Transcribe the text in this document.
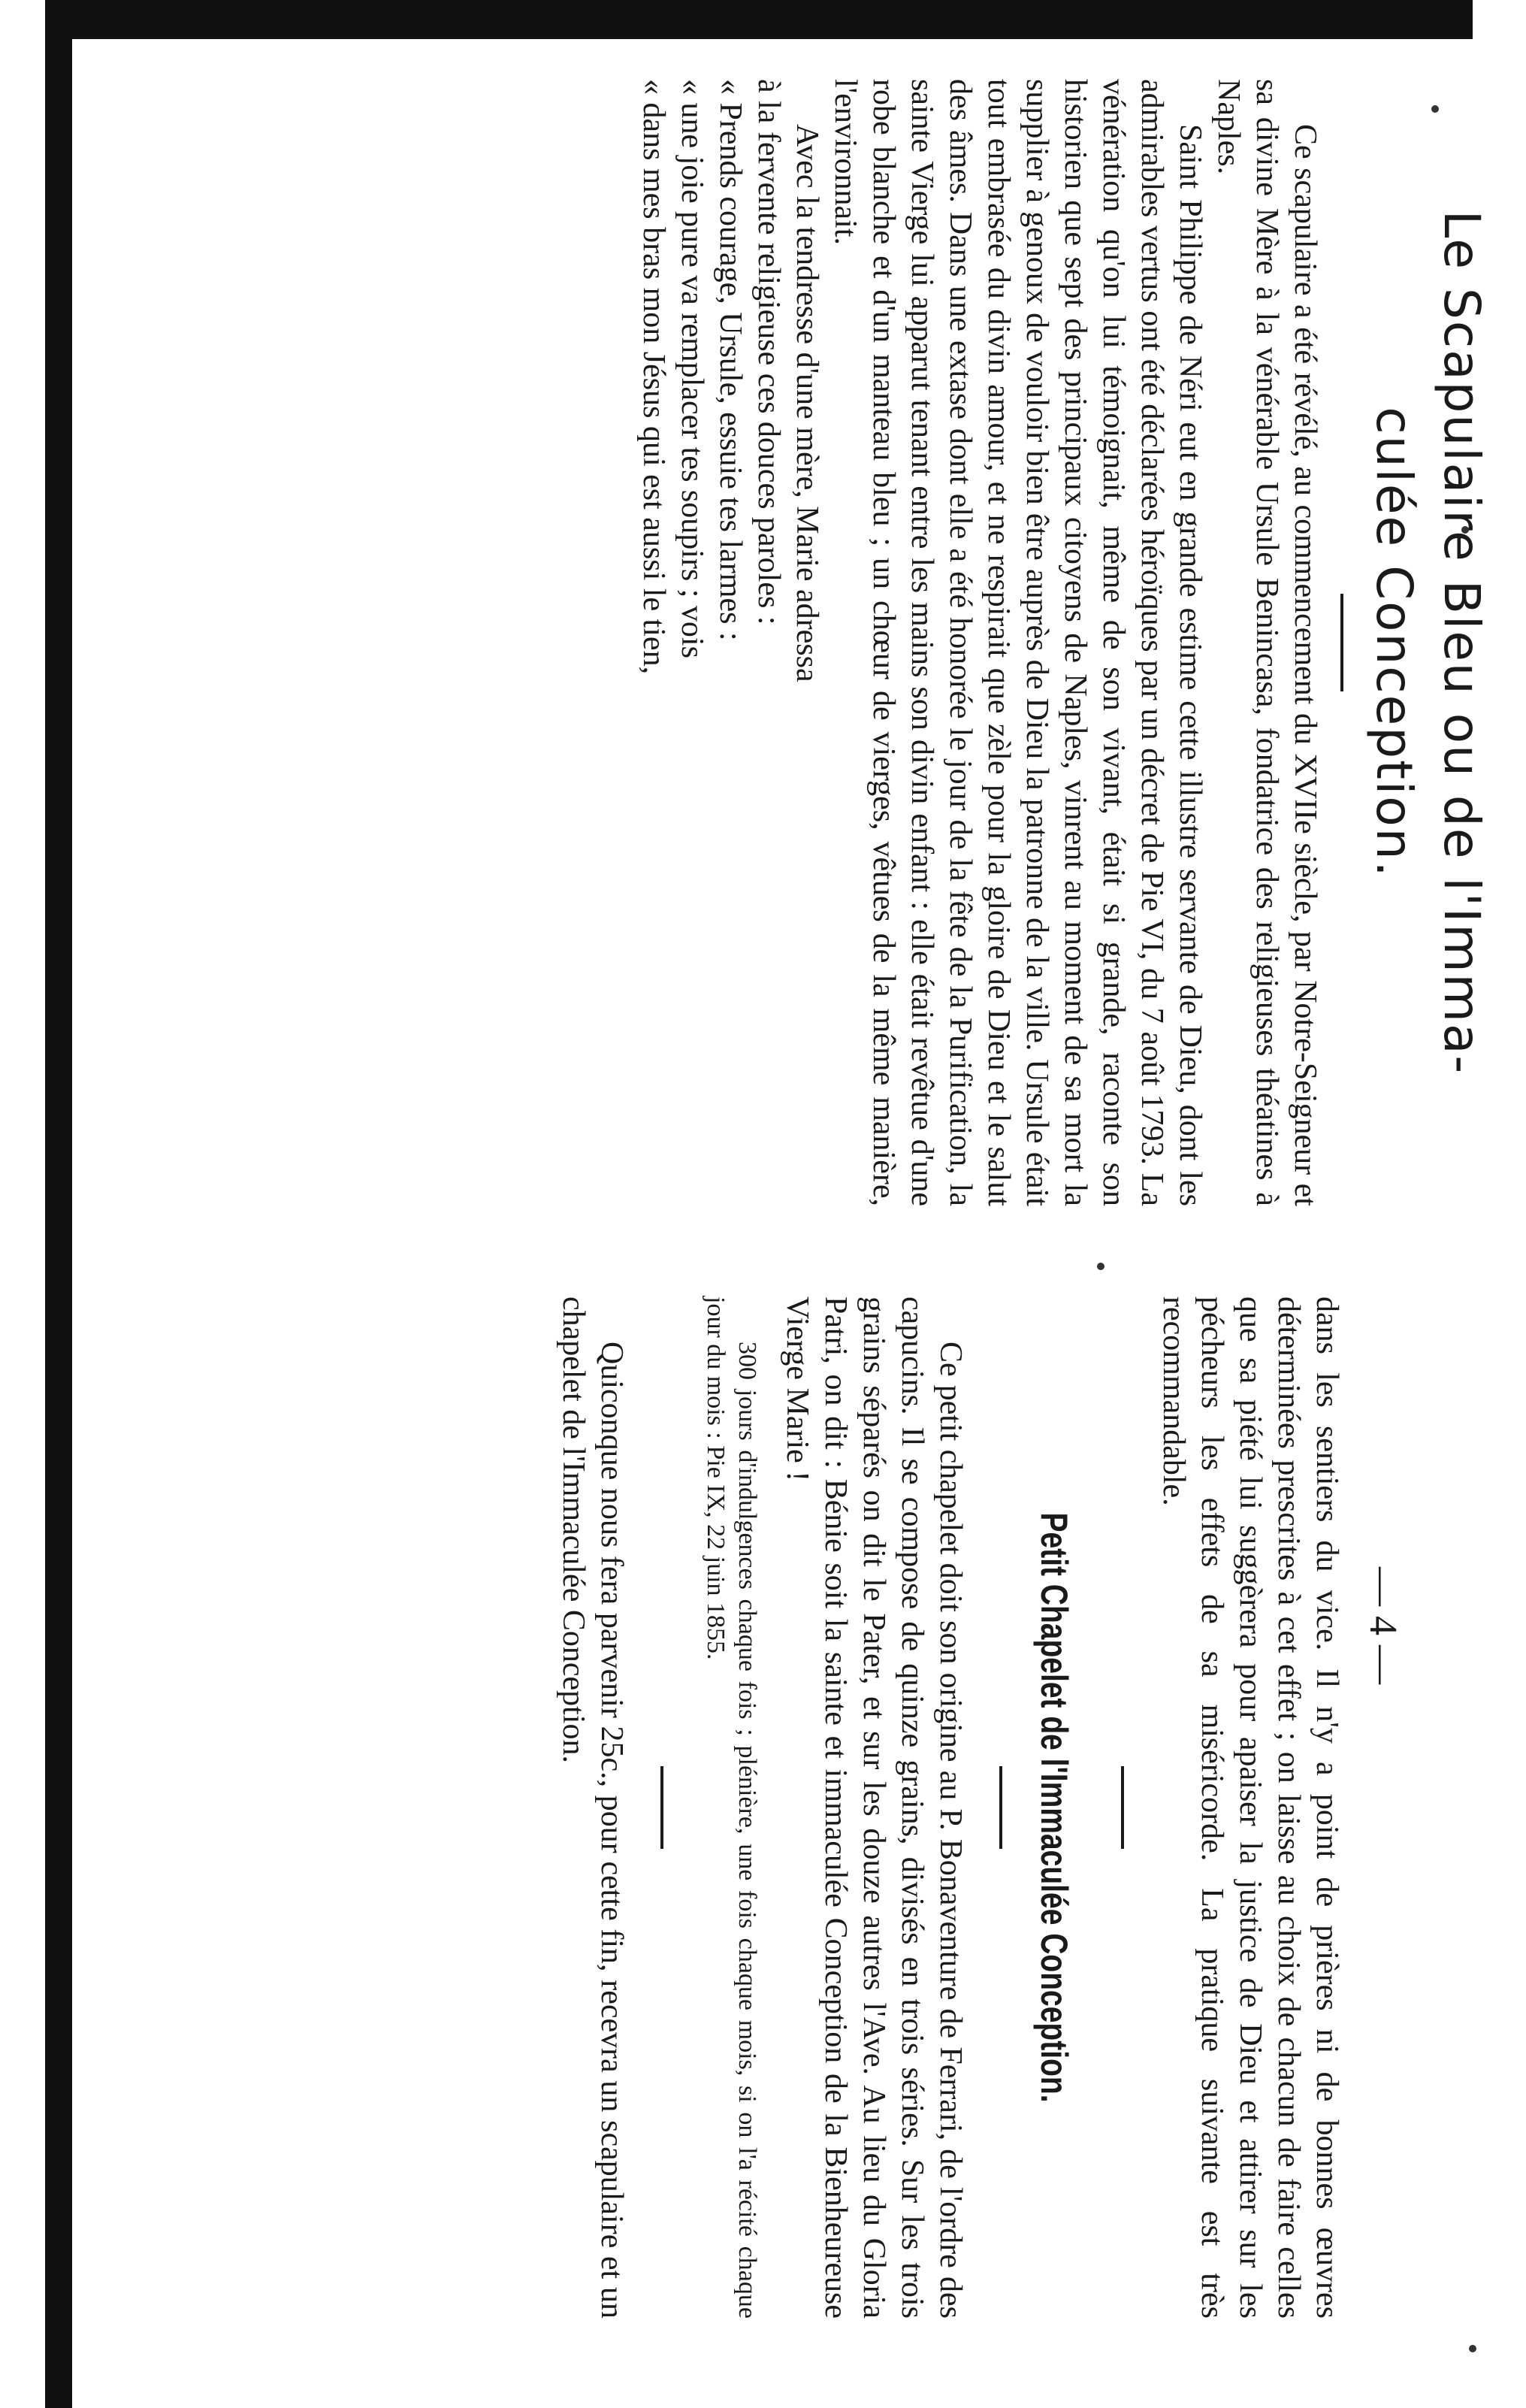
Le Scapulaire Bleu ou de l'Imma-

culée Conception.

Ce scapulaire a été révélé, au commencement du XVIIe siècle, par Notre-Seigneur et sa divine Mère à la vénérable Ursule Benincasa, fondatrice des religieuses théatines à Naples.

Saint Philippe de Néri eut en grande estime cette illustre servante de Dieu, dont les admirables vertus ont été déclarées héroïques par un décret de Pie VI, du 7 août 1793. La vénération qu'on lui témoignait, même de son vivant, était si grande, raconte son historien que sept des principaux citoyens de Naples, vinrent au moment de sa mort la supplier à genoux de vouloir bien être auprès de Dieu la patronne de la ville. Ursule était tout embrasée du divin amour, et ne respirait que zèle pour la gloire de Dieu et le salut des âmes. Dans une extase dont elle a été honorée le jour de la fête de la Purification, la sainte Vierge lui apparut tenant entre les mains son divin enfant : elle était revêtue d'une robe blanche et d'un manteau bleu ; un chœur de vierges, vêtues de la même manière, l'environnait.

Avec la tendresse d'une mère, Marie adressa

à la fervente religieuse ces douces paroles :

« Prends courage, Ursule, essuie tes larmes :

« une joie pure va remplacer tes soupirs ; vois

« dans mes bras mon Jésus qui est aussi le tien,

— 4 —

dans les sentiers du vice. Il n'y a point de prières ni de bonnes œuvres déterminées prescrites à cet effet ; on laisse au choix de chacun de faire celles que sa piété lui suggèrera pour apaiser la justice de Dieu et attirer sur les pécheurs les effets de sa miséricorde. La pratique suivante est très recommandable.

Petit Chapelet de l'Immaculée Conception.

Ce petit chapelet doit son origine au P. Bonaventure de Ferrari, de l'ordre des capucins. Il se compose de quinze grains, divisés en trois séries. Sur les trois grains séparés on dit le Pater, et sur les douze autres l'Ave. Au lieu du Gloria Patri, on dit : Bénie soit la sainte et immaculée Conception de la Bienheureuse Vierge Marie !

300 jours d'indulgences chaque fois ; plénière, une fois chaque mois, si on l'a récité chaque jour du mois : Pie IX, 22 juin 1855.

Quiconque nous fera parvenir 25c., pour cette fin, recevra un scapulaire et un chapelet de l'Immaculée Conception.
